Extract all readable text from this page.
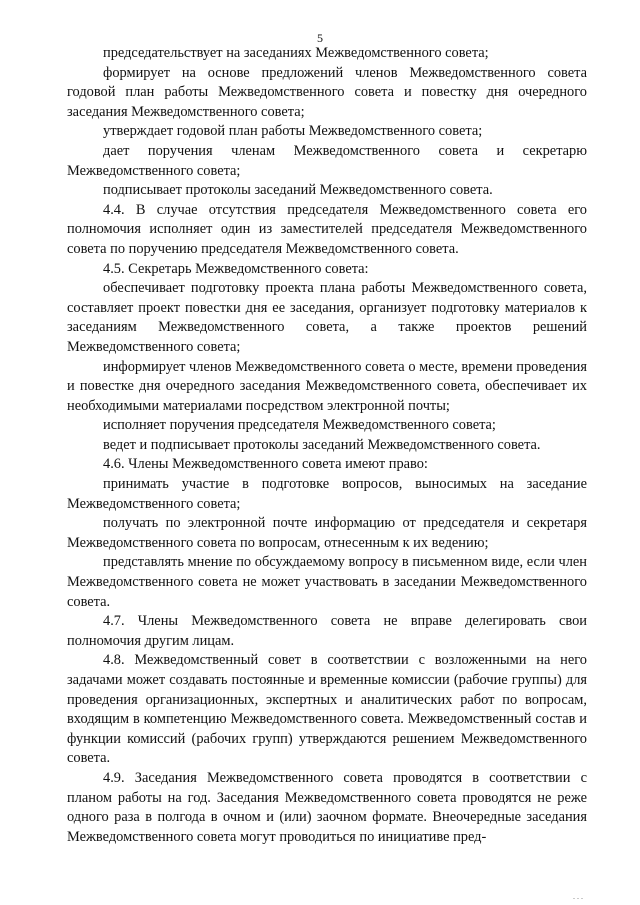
5

председательствует на заседаниях Межведомственного совета;

формирует на основе предложений членов Межведомственного совета годовой план работы Межведомственного совета и повестку дня очередного заседания Межведомственного совета;

утверждает годовой план работы Межведомственного совета;

дает поручения членам Межведомственного совета и секретарю Межведомственного совета;

подписывает протоколы заседаний Межведомственного совета.

4.4. В случае отсутствия председателя Межведомственного совета его полномочия исполняет один из заместителей председателя Межведомственного совета по поручению председателя Межведомственного совета.

4.5. Секретарь Межведомственного совета:

обеспечивает подготовку проекта плана работы Межведомственного совета, составляет проект повестки дня ее заседания, организует подготовку материалов к заседаниям Межведомственного совета, а также проектов решений Межведомственного совета;

информирует членов Межведомственного совета о месте, времени проведения и повестке дня очередного заседания Межведомственного совета, обеспечивает их необходимыми материалами посредством электронной почты;

исполняет поручения председателя Межведомственного совета;

ведет и подписывает протоколы заседаний Межведомственного совета.

4.6. Члены Межведомственного совета имеют право:

принимать участие в подготовке вопросов, выносимых на заседание Межведомственного совета;

получать по электронной почте информацию от председателя и секретаря Межведомственного совета по вопросам, отнесенным к их ведению;

представлять мнение по обсуждаемому вопросу в письменном виде, если член Межведомственного совета не может участвовать в заседании Межведомственного совета.

4.7. Члены Межведомственного совета не вправе делегировать свои полномочия другим лицам.

4.8. Межведомственный совет в соответствии с возложенными на него задачами может создавать постоянные и временные комиссии (рабочие группы) для проведения организационных, экспертных и аналитических работ по вопросам, входящим в компетенцию Межведомственного совета. Межведомственный состав и функции комиссий (рабочих групп) утверждаются решением Межведомственного совета.

4.9. Заседания Межведомственного совета проводятся в соответствии с планом работы на год. Заседания Межведомственного совета проводятся не реже одного раза в полгода в очном и (или) заочном формате. Внеочередные заседания Межведомственного совета могут проводиться по инициативе пред-

. . .
